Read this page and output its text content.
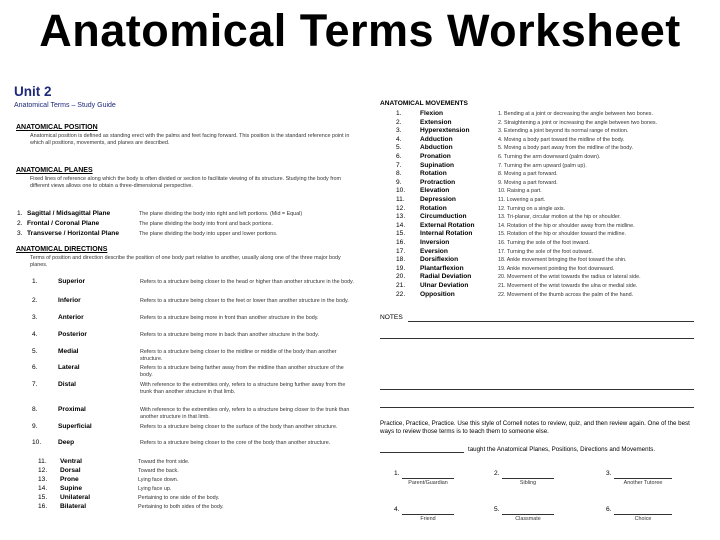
Anatomical Terms Worksheet
Unit 2
Anatomical Terms – Study Guide
ANATOMICAL POSITION
Anatomical position is defined as standing erect with the palms and feet facing forward. This position is the standard reference point in which all positions, movements, and planes are described.
ANATOMICAL PLANES
Fixed lines of reference along which the body is often divided or section to facilitate viewing of its structure. Studying the body from different views allows one to obtain a three-dimensional perspective.
1. Sagittal / Midsagittal Plane	The plane dividing the body into right and left portions. (Mid = Equal)
2. Frontal / Coronal Plane	The plane dividing the body into front and back portions.
3. Transverse / Horizontal Plane	The plane dividing the body into upper and lower portions.
ANATOMICAL DIRECTIONS
Terms of position and direction describe the position of one body part relative to another, usually along one of the three major body planes.
1.	Superior	Refers to a structure being closer to the head or higher than another structure in the body.
2.	Inferior	Refers to a structure being closer to the feet or lower than another structure in the body.
3.	Anterior	Refers to a structure being more in front than another structure in the body.
4.	Posterior	Refers to a structure being more in back than another structure in the body.
5.	Medial	Refers to a structure being closer to the midline or middle of the body than another structure.
6.	Lateral	Refers to a structure being farther away from the midline than another structure of the body.
7.	Distal	With reference to the extremities only, refers to a structure being further away from the trunk than another structure in that limb.
8.	Proximal	With reference to the extremities only, refers to a structure being closer to the trunk than another structure in that limb.
9.	Superficial	Refers to a structure being closer to the surface of the body than another structure.
10.	Deep	Refers to a structure being closer to the core of the body than another structure.
11. Ventral	Toward the front side.
12. Dorsal	Toward the back.
13. Prone	Lying face down.
14. Supine	Lying face up.
15. Unilateral	Pertaining to one side of the body.
16. Bilateral	Pertaining to both sides of the body.
ANATOMICAL MOVEMENTS
1.	Flexion	1. Bending at a joint or decreasing the angle between two bones.
2.	Extension	2. Straightening a joint or increasing the angle between two bones.
3.	Hyperextension	3. Extending a joint beyond its normal range of motion.
4.	Adduction	4. Moving a body part toward the midline of the body.
5.	Abduction	5. Moving a body part away from the midline of the body.
6.	Pronation	6. Turning the arm downward (palm down).
7.	Supination	7. Turning the arm upward (palm up).
8.	Rotation	8. Moving a part forward.
9.	Protraction	9. Moving a part forward.
10. Elevation	10. Raising a part.
11. Depression	11. Lowering a part.
12. Rotation	12. Turning on a single axis.
13. Circumduction	13. Tri-planar, circular motion at the hip or shoulder.
14. External Rotation	14. Rotation of the hip or shoulder away from the midline.
15. Internal Rotation	15. Rotation of the hip or shoulder toward the midline.
16. Inversion	16. Turning the sole of the foot inward.
17. Eversion	17. Turning the sole of the foot outward.
18. Dorsiflexion	18. Ankle movement bringing the foot toward the shin.
19. Plantarflexion	19. Ankle movement pointing the foot downward.
20. Radial Deviation	20. Movement of the wrist towards the radius or lateral side.
21. Ulnar Deviation	21. Movement of the wrist towards the ulna or medial side.
22. Opposition	22. Movement of the thumb across the palm of the hand.
NOTES
Practice, Practice, Practice. Use this style of Cornell notes to review, quiz, and then review again. One of the best ways to review those terms is to teach them to someone else.
taught the Anatomical Planes, Positions, Directions and Movements.
1.
Parent/Guardian
2.
Sibling
3.
Another Tutoree
4.
Friend
5.
Classmate
6.
Choice
